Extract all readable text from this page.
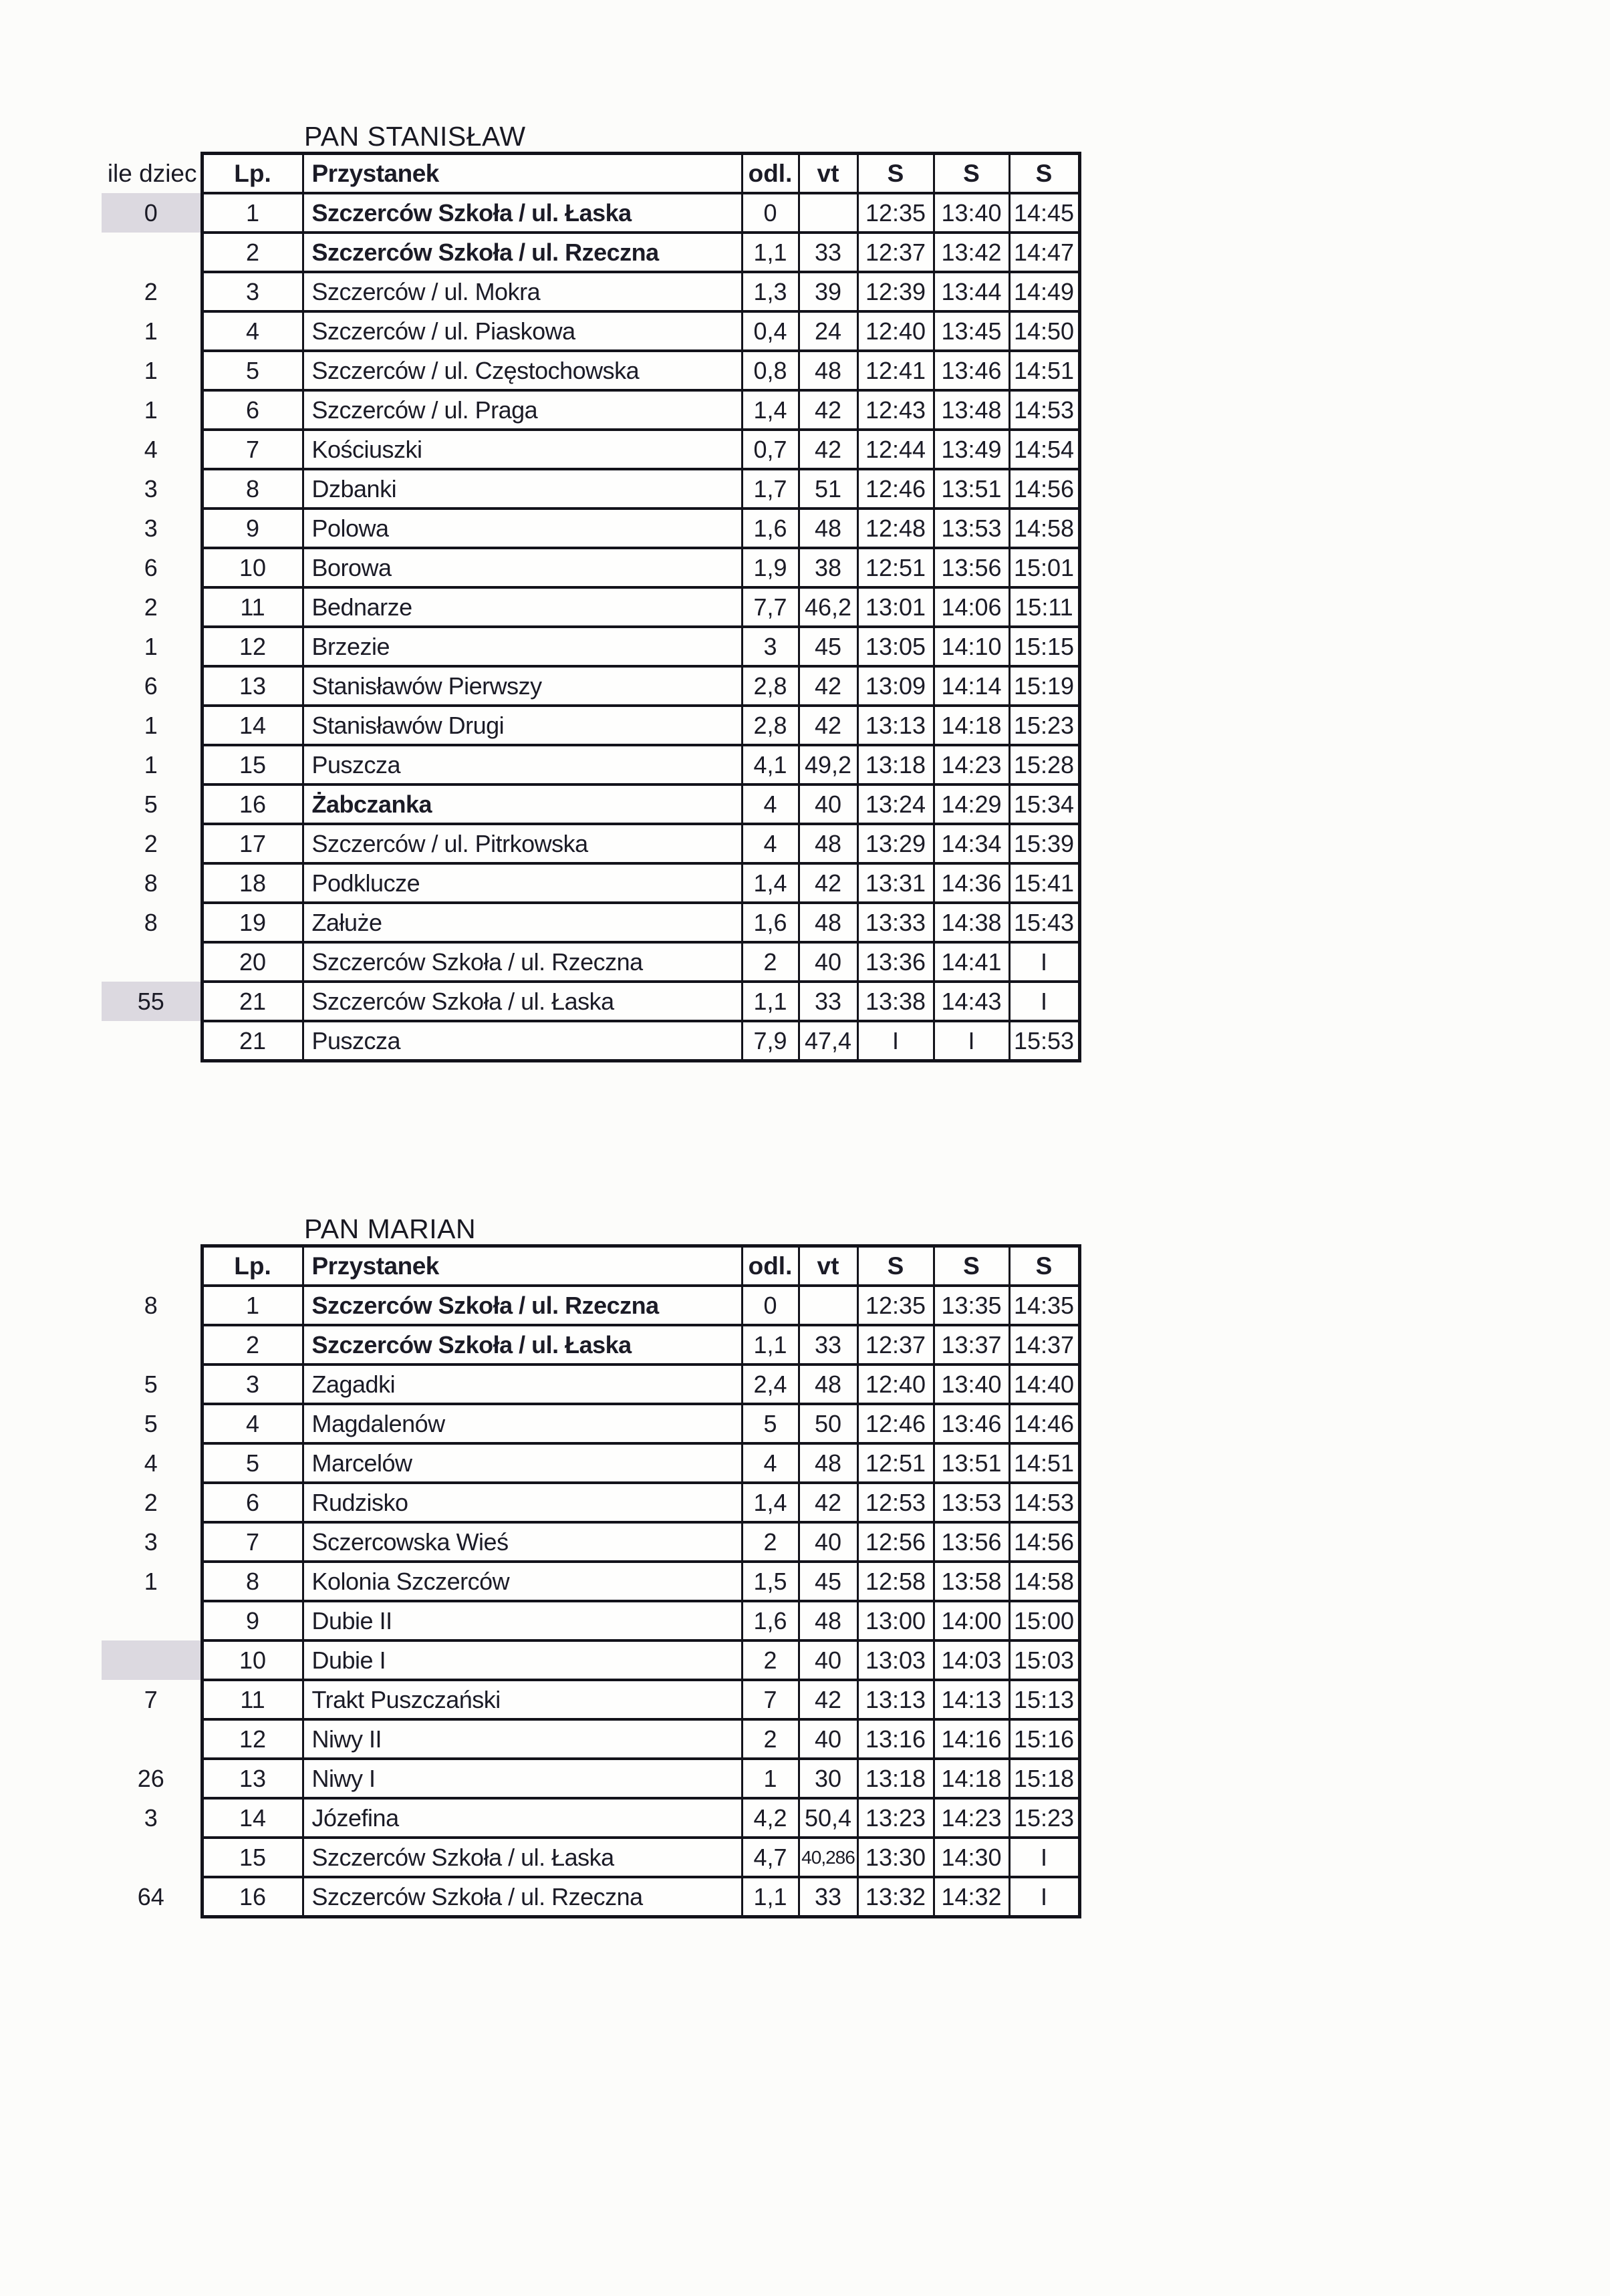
PAN STANISŁAW
ile dziec	Lp.	Przystanek	odl.	vt	S	S	S
0	1	Szczerców Szkoła / ul. Łaska	0		12:35	13:40	14:45
	2	Szczerców Szkoła / ul. Rzeczna	1,1	33	12:37	13:42	14:47
2	3	Szczerców / ul. Mokra	1,3	39	12:39	13:44	14:49
1	4	Szczerców / ul. Piaskowa	0,4	24	12:40	13:45	14:50
1	5	Szczerców / ul. Częstochowska	0,8	48	12:41	13:46	14:51
1	6	Szczerców / ul. Praga	1,4	42	12:43	13:48	14:53
4	7	Kościuszki	0,7	42	12:44	13:49	14:54
3	8	Dzbanki	1,7	51	12:46	13:51	14:56
3	9	Polowa	1,6	48	12:48	13:53	14:58
6	10	Borowa	1,9	38	12:51	13:56	15:01
2	11	Bednarze	7,7	46,2	13:01	14:06	15:11
1	12	Brzezie	3	45	13:05	14:10	15:15
6	13	Stanisławów Pierwszy	2,8	42	13:09	14:14	15:19
1	14	Stanisławów Drugi	2,8	42	13:13	14:18	15:23
1	15	Puszcza	4,1	49,2	13:18	14:23	15:28
5	16	Żabczanka	4	40	13:24	14:29	15:34
2	17	Szczerców / ul. Pitrkowska	4	48	13:29	14:34	15:39
8	18	Podklucze	1,4	42	13:31	14:36	15:41
8	19	Załuże	1,6	48	13:33	14:38	15:43
	20	Szczerców Szkoła / ul. Rzeczna	2	40	13:36	14:41	I
55	21	Szczerców Szkoła / ul. Łaska	1,1	33	13:38	14:43	I
	21	Puszcza	7,9	47,4	I	I	15:53
PAN MARIAN
	Lp.	Przystanek	odl.	vt	S	S	S
8	1	Szczerców Szkoła / ul. Rzeczna	0		12:35	13:35	14:35
	2	Szczerców Szkoła / ul. Łaska	1,1	33	12:37	13:37	14:37
5	3	Zagadki	2,4	48	12:40	13:40	14:40
5	4	Magdalenów	5	50	12:46	13:46	14:46
4	5	Marcelów	4	48	12:51	13:51	14:51
2	6	Rudzisko	1,4	42	12:53	13:53	14:53
3	7	Sczercowska Wieś	2	40	12:56	13:56	14:56
1	8	Kolonia Szczerców	1,5	45	12:58	13:58	14:58
	9	Dubie II	1,6	48	13:00	14:00	15:00
	10	Dubie I	2	40	13:03	14:03	15:03
7	11	Trakt Puszczański	7	42	13:13	14:13	15:13
	12	Niwy II	2	40	13:16	14:16	15:16
26	13	Niwy I	1	30	13:18	14:18	15:18
3	14	Józefina	4,2	50,4	13:23	14:23	15:23
	15	Szczerców Szkoła / ul. Łaska	4,7	40,286	13:30	14:30	I
64	16	Szczerców Szkoła / ul. Rzeczna	1,1	33	13:32	14:32	I
